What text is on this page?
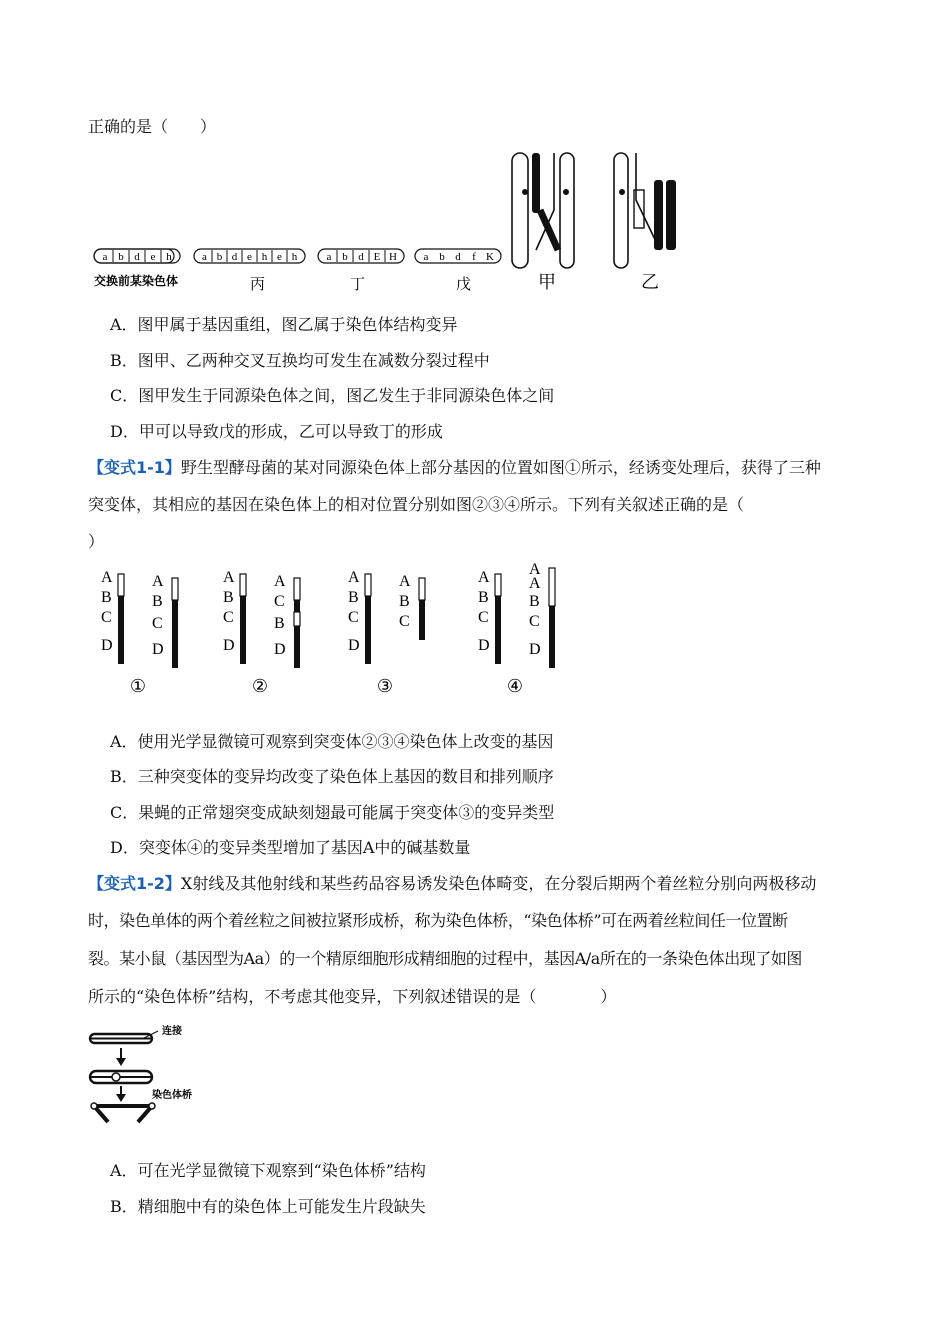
正确的是（　　）
交换前某染色体
a b d e h	a b d e h e h	a b d E H a b d f K
丙	丁	戊	甲	乙
A．图甲属于基因重组，图乙属于染色体结构变异
B．图甲、乙两种交叉互换均可发生在减数分裂过程中
C．图甲发生于同源染色体之间，图乙发生于非同源染色体之间
D．甲可以导致戊的形成，乙可以导致丁的形成
【变式1-1】野生型酵母菌的某对同源染色体上部分基因的位置如图①所示，经诱变处理后，获得了三种
突变体，其相应的基因在染色体上的相对位置分别如图②③④所示。下列有关叙述正确的是（
）
A
B
C
D
A
B
C
D
①
A
B
C
D
A
C
B
D
②
A
B
C
D
A
B
C
③
A
B
C
D
A
A
B
C
D
④
A．使用光学显微镜可观察到突变体②③④染色体上改变的基因
B．三种突变体的变异均改变了染色体上基因的数目和排列顺序
C．果蝇的正常翅突变成缺刻翅最可能属于突变体③的变异类型
D．突变体④的变异类型增加了基因A中的碱基数量
【变式1-2】X射线及其他射线和某些药品容易诱发染色体畸变，在分裂后期两个着丝粒分别向两极移动
时，染色单体的两个着丝粒之间被拉紧形成桥，称为染色体桥，“染色体桥”可在两着丝粒间任一位置断
裂。某小鼠（基因型为Aa）的一个精原细胞形成精细胞的过程中，基因A/a所在的一条染色体出现了如图
所示的“染色体桥”结构，不考虑其他变异，下列叙述错误的是（　　　　）
连接
染色体桥
A．可在光学显微镜下观察到“染色体桥”结构
B．精细胞中有的染色体上可能发生片段缺失
